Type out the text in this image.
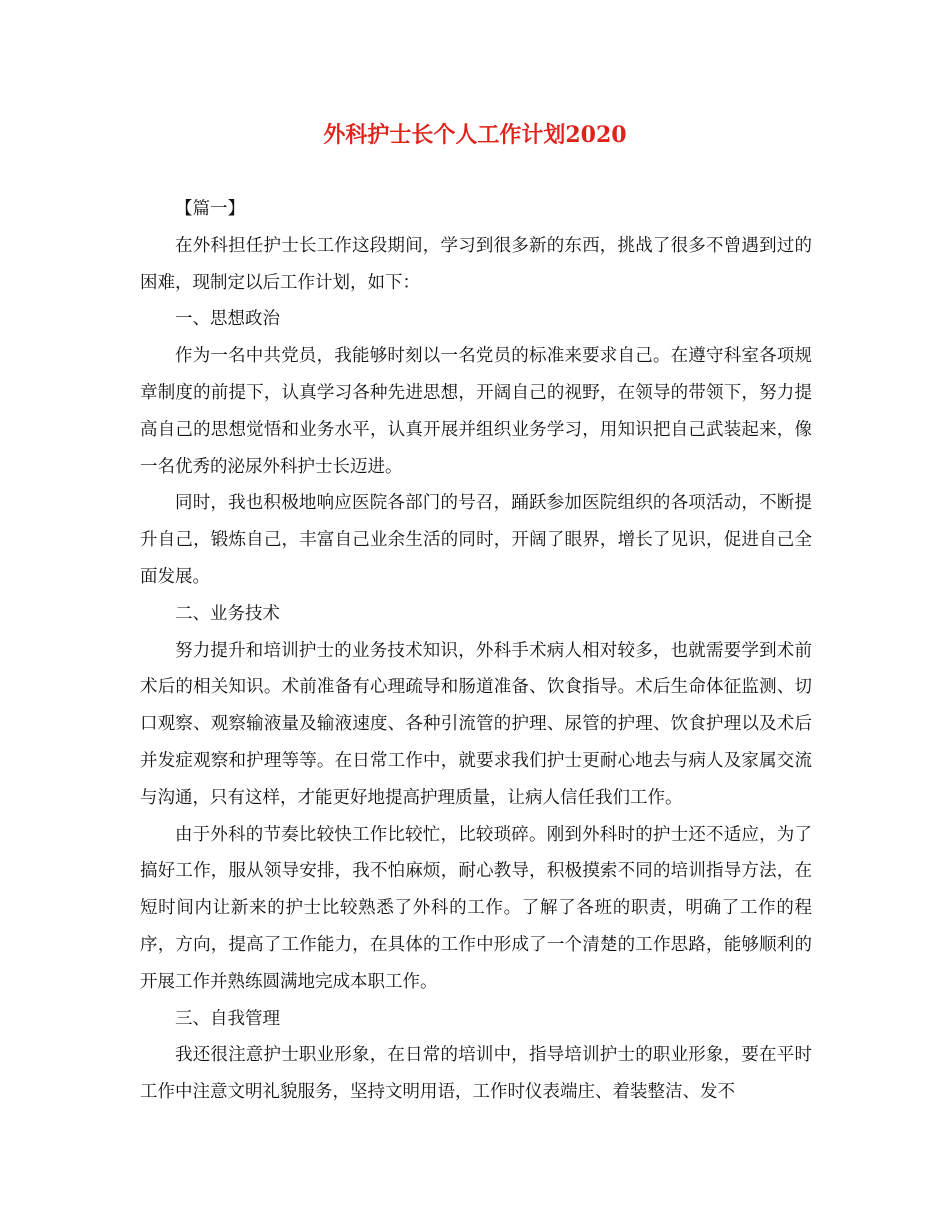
外科护士长个人工作计划2020

【篇一】

在外科担任护士长工作这段期间，学习到很多新的东西，挑战了很多不曾遇到过的困难，现制定以后工作计划，如下：

一、思想政治

作为一名中共党员，我能够时刻以一名党员的标准来要求自己。在遵守科室各项规章制度的前提下，认真学习各种先进思想，开阔自己的视野，在领导的带领下，努力提高自己的思想觉悟和业务水平，认真开展并组织业务学习，用知识把自己武装起来，像一名优秀的泌尿外科护士长迈进。

同时，我也积极地响应医院各部门的号召，踊跃参加医院组织的各项活动，不断提升自己，锻炼自己，丰富自己业余生活的同时，开阔了眼界，增长了见识，促进自己全面发展。

二、业务技术

努力提升和培训护士的业务技术知识，外科手术病人相对较多，也就需要学到术前术后的相关知识。术前准备有心理疏导和肠道准备、饮食指导。术后生命体征监测、切口观察、观察输液量及输液速度、各种引流管的护理、尿管的护理、饮食护理以及术后并发症观察和护理等等。在日常工作中，就要求我们护士更耐心地去与病人及家属交流与沟通，只有这样，才能更好地提高护理质量，让病人信任我们工作。

由于外科的节奏比较快工作比较忙，比较琐碎。刚到外科时的护士还不适应，为了搞好工作，服从领导安排，我不怕麻烦，耐心教导，积极摸索不同的培训指导方法，在短时间内让新来的护士比较熟悉了外科的工作。了解了各班的职责，明确了工作的程序，方向，提高了工作能力，在具体的工作中形成了一个清楚的工作思路，能够顺利的开展工作并熟练圆满地完成本职工作。

三、自我管理

我还很注意护士职业形象，在日常的培训中，指导培训护士的职业形象，要在平时工作中注意文明礼貌服务，坚持文明用语，工作时仪表端庄、着装整洁、发不
